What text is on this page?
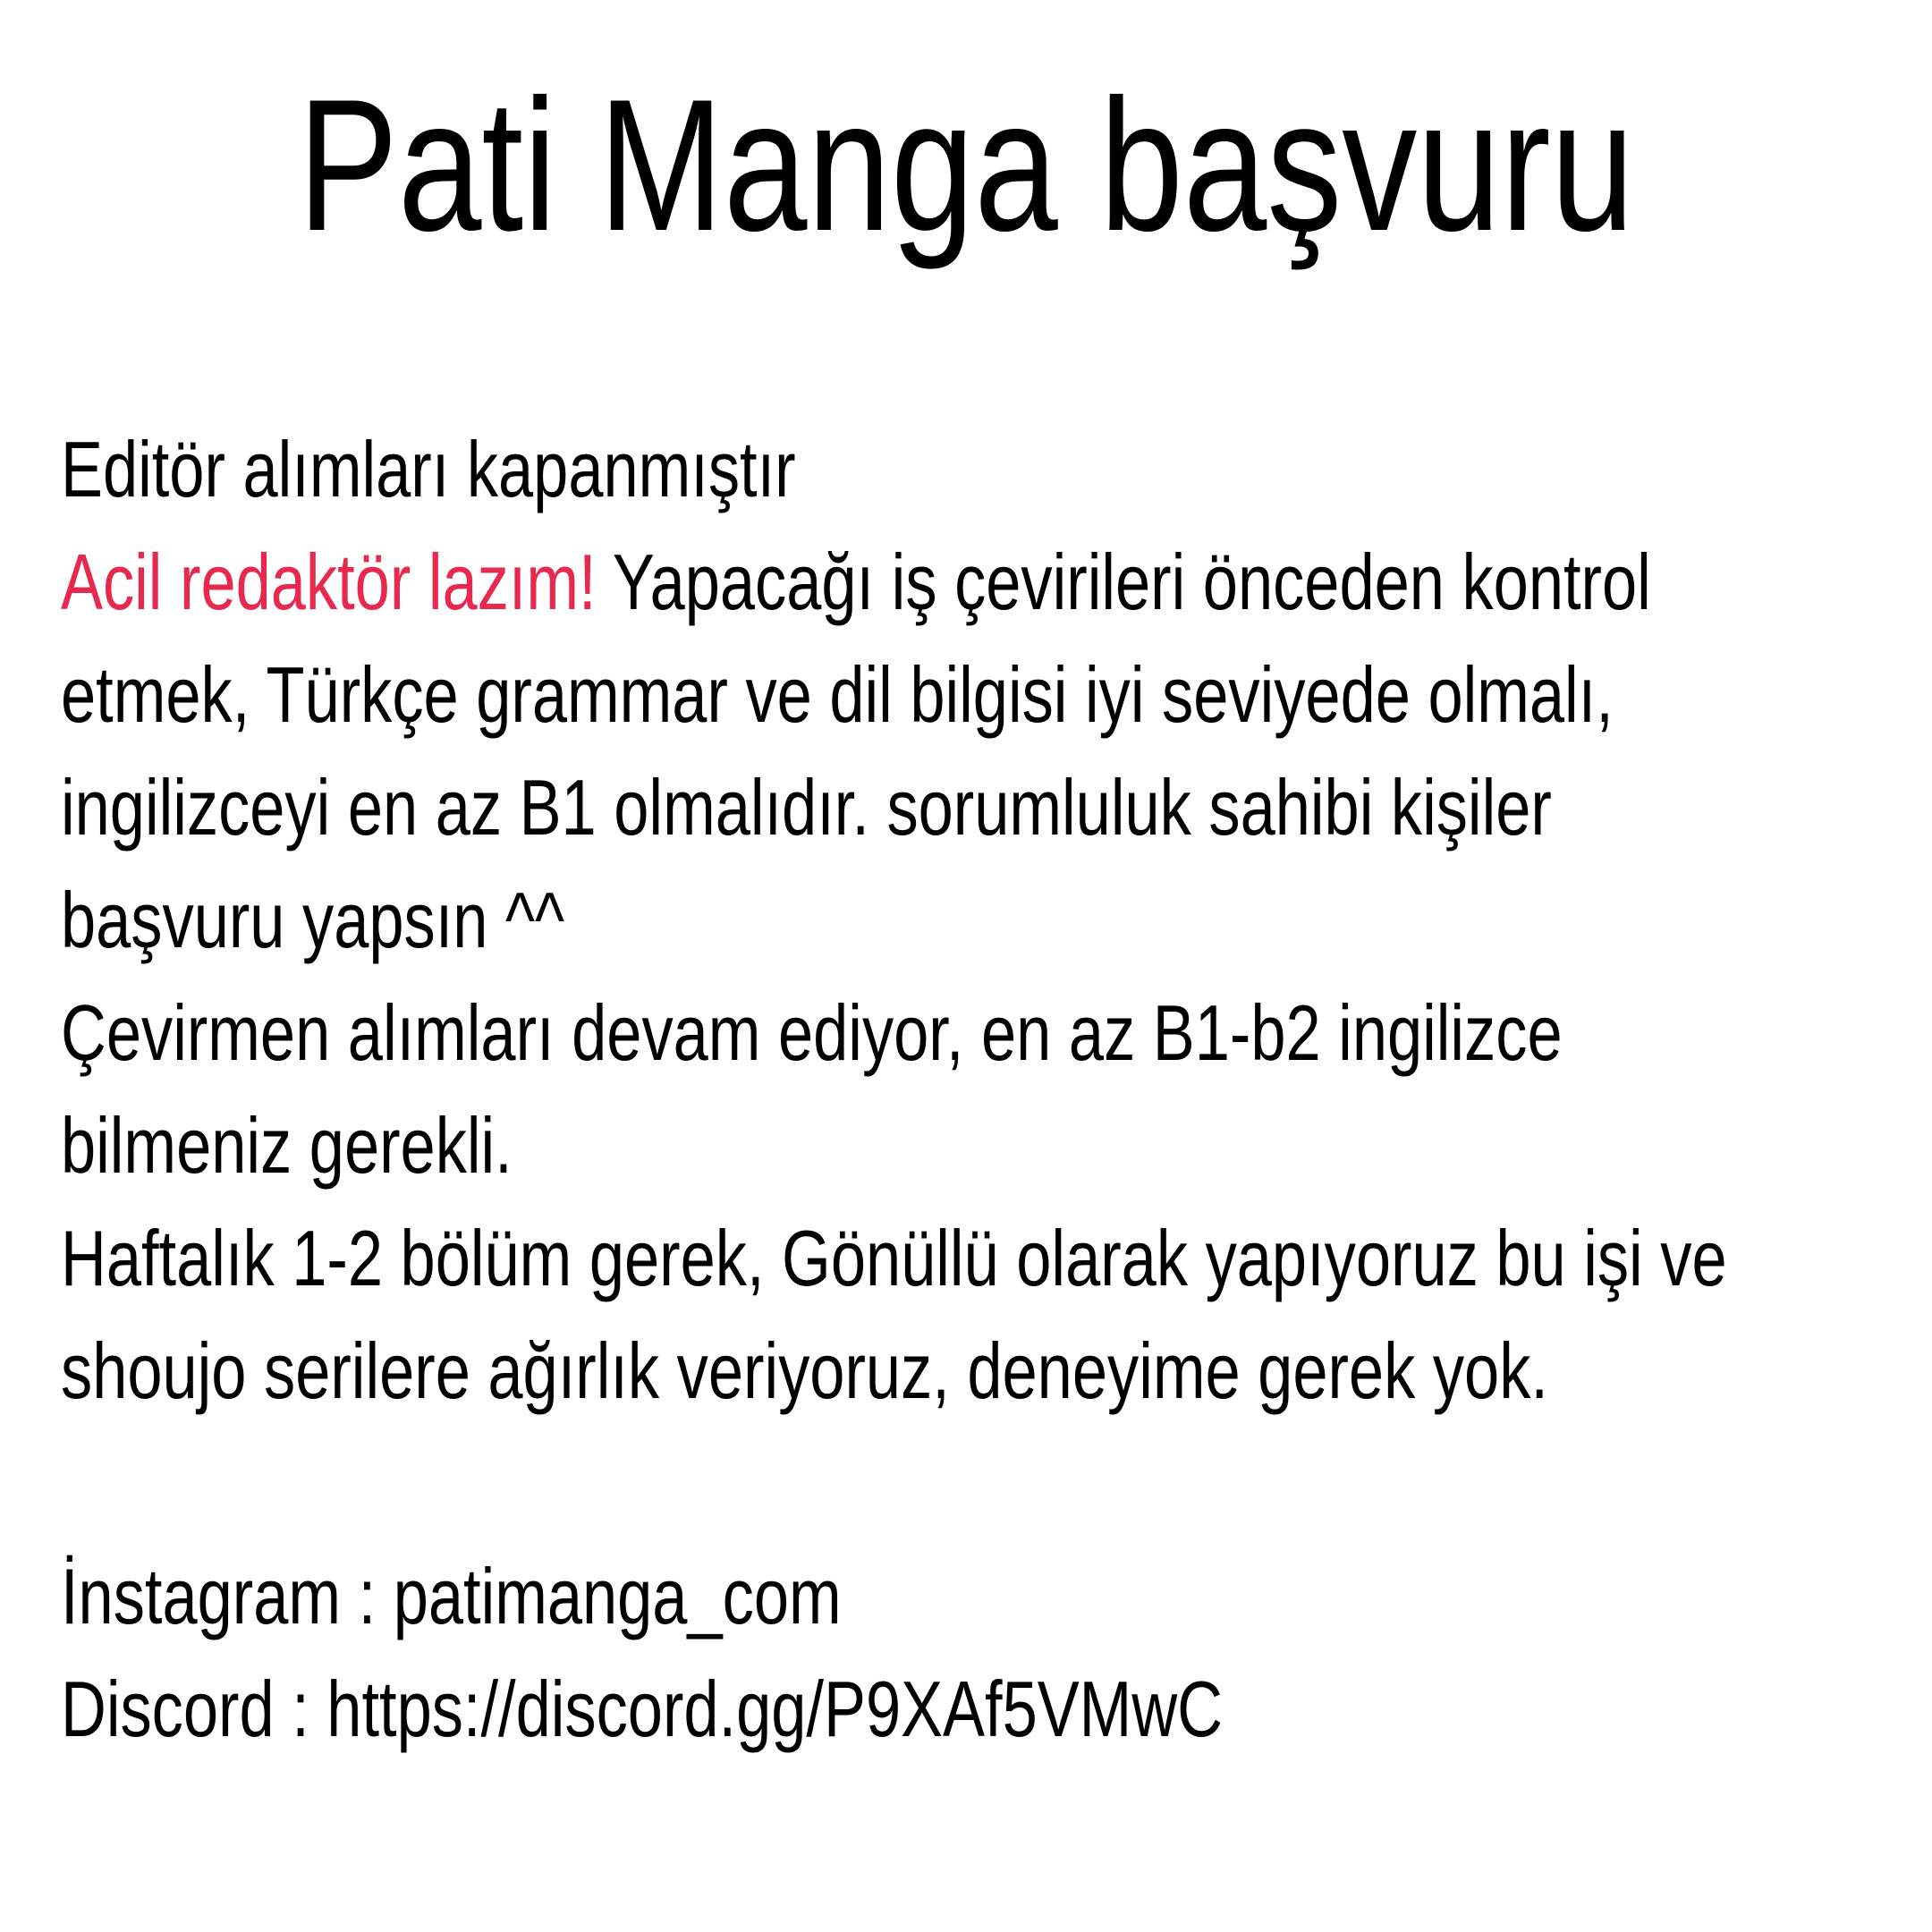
Pati Manga başvuru
Editör alımları kapanmıştır
Acil redaktör lazım! Yapacağı iş çevirileri önceden kontrol
etmek, Türkçe grammar ve dil bilgisi iyi seviyede olmalı,
ingilizceyi en az B1 olmalıdır. sorumluluk sahibi kişiler
başvuru yapsın ^^
Çevirmen alımları devam ediyor, en az B1-b2 ingilizce
bilmeniz gerekli.
Haftalık 1-2 bölüm gerek, Gönüllü olarak yapıyoruz bu işi ve
shoujo serilere ağırlık veriyoruz, deneyime gerek yok.
İnstagram : patimanga_com
Discord : https://discord.gg/P9XAf5VMwC
